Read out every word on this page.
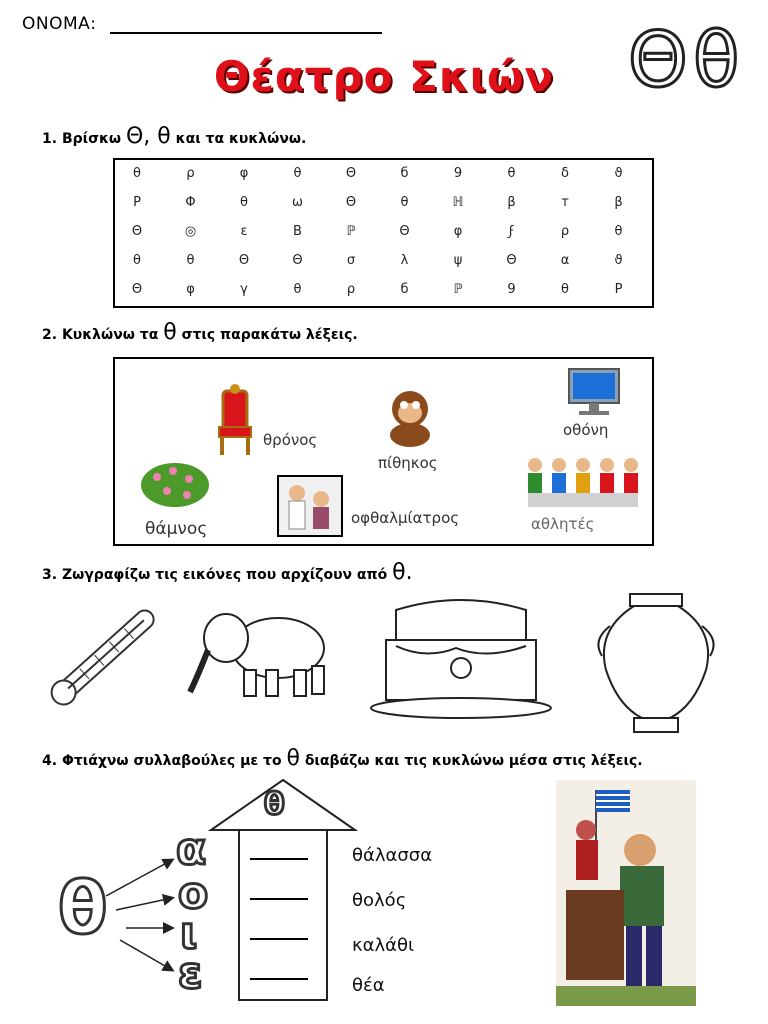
ΟΝΟΜΑ:
Θέατρο Σκιών Θ θ
1. Βρίσκω Θ, θ και τα κυκλώνω.
θ	ρ	φ	θ	Θ	б	9	θ	δ	ϑ
P	Φ	θ	ω	Θ	θ	ℍ	β	т	β
Θ	◎	ε	B	ℙ	Θ	φ	ϝ	ρ	θ
θ	θ	Θ	Θ	σ	λ	ψ	Θ	α	ϑ
Θ	φ	γ	θ	ρ	б	ℙ	9	θ	P
2. Κυκλώνω τα θ στις παρακάτω λέξεις.
θρόνος
πίθηκος
οθόνη
θάμνος
οφθαλμίατρος	αθλητές
3. Ζωγραφίζω τις εικόνες που αρχίζουν από θ.
4. Φτιάχνω συλλαβούλες με το θ διαβάζω και τις κυκλώνω μέσα στις λέξεις.
θ
θ
α
ο
ι
ε
θάλασσα
θολός
καλάθι
θέα
